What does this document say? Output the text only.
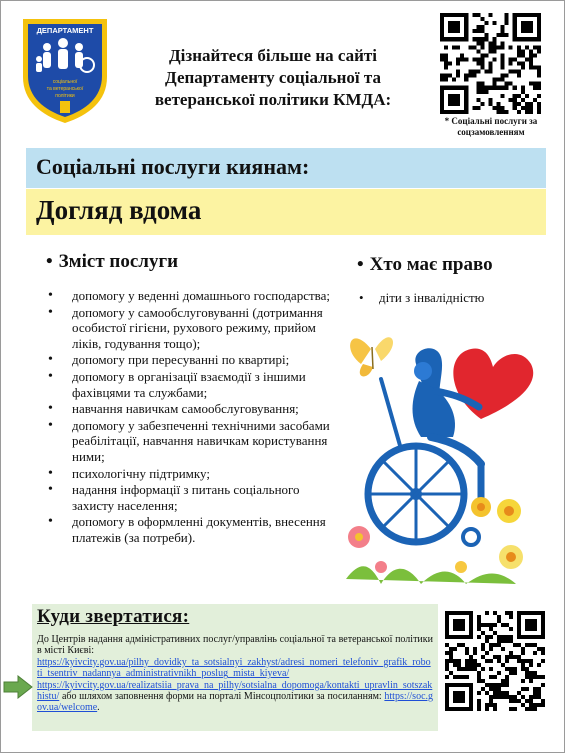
ДЕПАРТАМЕНТ
соціальної
та ветеранської
політики
Дізнайтеся більше на сайті
Департаменту соціальної та
ветеранської політики КМДА:
* Соціальні послуги за соцзамовленням
Соціальні послуги киянам:
Догляд вдома
• Зміст послуги
• допомогу у веденні домашнього господарства;
• допомогу у самообслуговуванні (дотримання особистої гігієни, рухового режиму, прийом ліків, годування тощо);
• допомогу при пересуванні по квартирі;
• допомогу в організації взаємодії з іншими фахівцями та службами;
• навчання навичкам самообслуговування;
• допомогу у забезпеченні технічними засобами реабілітації, навчання навичкам користування ними;
• психологічну підтримку;
• надання інформації з питань соціального захисту населення;
• допомогу в оформленні документів, внесення платежів (за потреби).
• Хто має право
• діти з інвалідністю
Куди звертатися:
До Центрів надання адміністративних послуг/управлінь соціальної та ветеранської політики в місті Києві:
https://kyivcity.gov.ua/pilhy_dovidky_ta_sotsialnyi_zakhyst/adresi_nomeri_telefoniv_grafik_roboti_tsentriv_nadannya_administrativnikh_poslug_mista_kiyeva/
https://kyivcity.gov.ua/realizatsiia_prava_na_pilhy/sotsialna_dopomoga/kontakti_upravlin_sotszakhistu/ або шляхом заповнення форми на порталі Мінсоцполітики за посиланням: https://soc.gov.ua/welcome.
